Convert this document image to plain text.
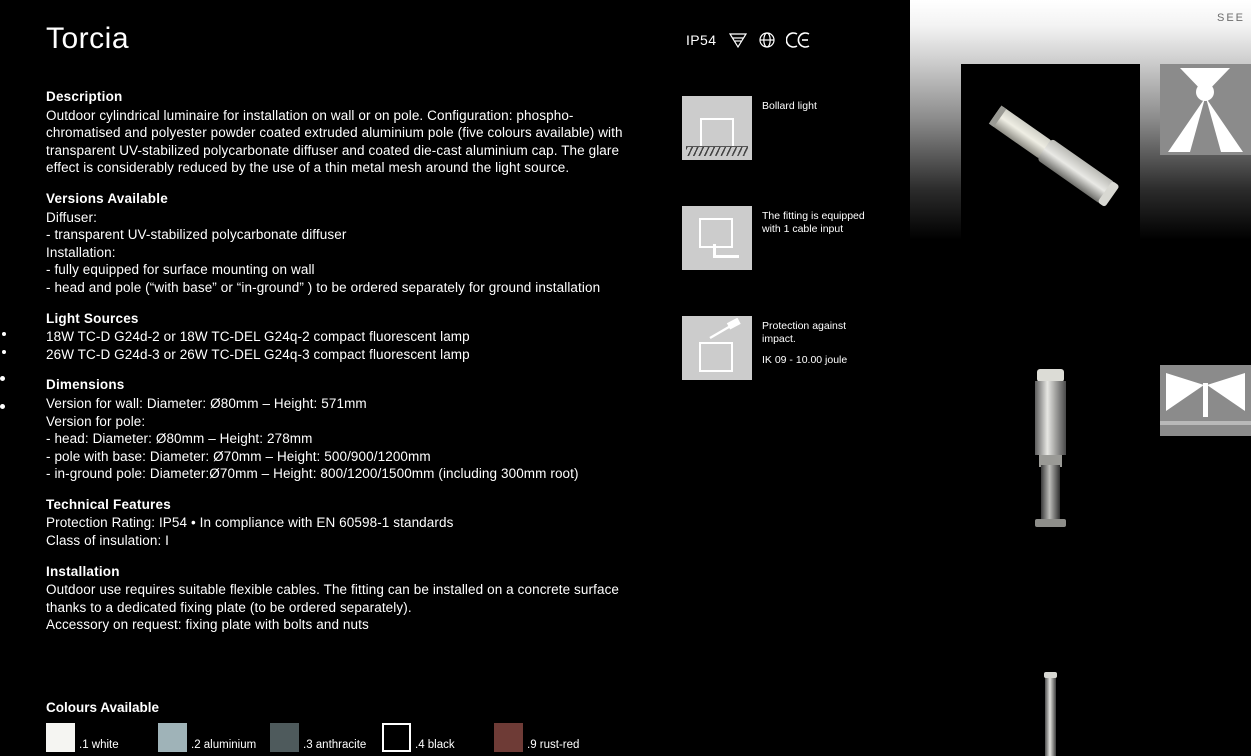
Torcia
Description

Outdoor cylindrical luminaire for installation on wall or on pole. Configuration: phospho-chromatised and polyester powder coated extruded aluminium pole (five colours available) with transparent UV-stabilized polycarbonate diffuser and coated die-cast aluminium cap. The glare effect is considerably reduced by the use of a thin metal mesh around the light source.

Versions Available

Diffuser:

- transparent UV-stabilized polycarbonate diffuser

Installation:

- fully equipped for surface mounting on wall

- head and pole (“with base” or “in-ground” ) to be ordered separately for ground installation

Light Sources

18W TC-D G24d-2 or 18W TC-DEL G24q-2 compact fluorescent lamp

26W TC-D G24d-3 or 26W TC-DEL G24q-3 compact fluorescent lamp

Dimensions

Version for wall: Diameter: Ø80mm – Height: 571mm

Version for pole:

- head: Diameter: Ø80mm – Height: 278mm

- pole with base: Diameter: Ø70mm – Height: 500/900/1200mm

- in-ground pole: Diameter:Ø70mm – Height: 800/1200/1500mm (including 300mm root)

Technical Features

Protection Rating: IP54 • In compliance with EN 60598-1 standards

Class of insulation: I

Installation

Outdoor use requires suitable flexible cables. The fitting can be installed on a concrete surface thanks to a dedicated fixing plate (to be ordered separately).

Accessory on request: fixing plate with bolts and nuts

Colours Available
.1 white	.2 aluminium	.3 anthracite	.4 black	.9 rust-red
IP54
Bollard light
The fitting is equipped with 1 cable input
Protection against impact.
IK 09 - 10.00 joule
SEE
